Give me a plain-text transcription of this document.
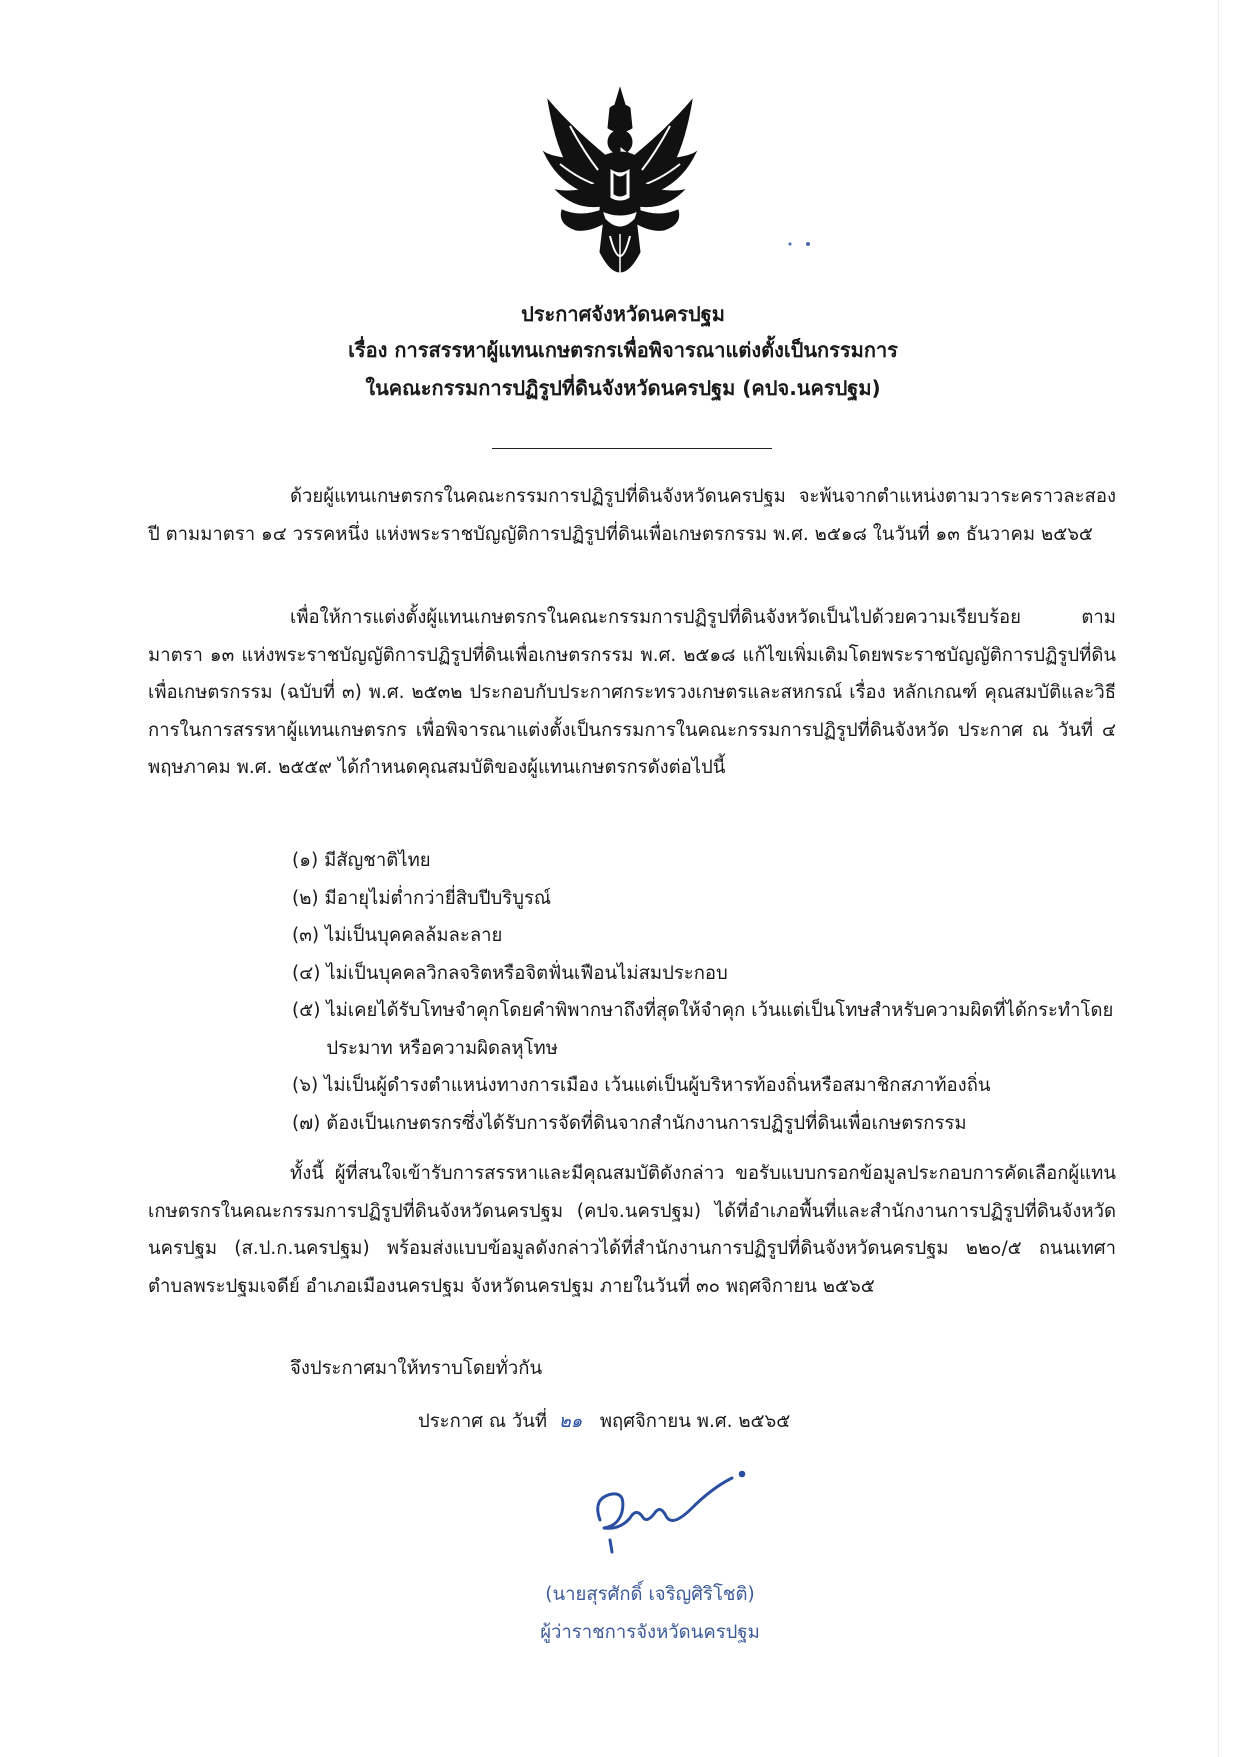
ประกาศจังหวัดนครปฐม
เรื่อง การสรรหาผู้แทนเกษตรกรเพื่อพิจารณาแต่งตั้งเป็นกรรมการ
ในคณะกรรมการปฏิรูปที่ดินจังหวัดนครปฐม (คปจ.นครปฐม)
ด้วยผู้แทนเกษตรกรในคณะกรรมการปฏิรูปที่ดินจังหวัดนครปฐม จะพ้นจากตำแหน่งตามวาระคราวละสองปี ตามมาตรา ๑๔ วรรคหนึ่ง แห่งพระราชบัญญัติการปฏิรูปที่ดินเพื่อเกษตรกรรม พ.ศ. ๒๕๑๘ ในวันที่ ๑๓ ธันวาคม ๒๕๖๕
เพื่อให้การแต่งตั้งผู้แทนเกษตรกรในคณะกรรมการปฏิรูปที่ดินจังหวัดเป็นไปด้วยความเรียบร้อย ตามมาตรา ๑๓ แห่งพระราชบัญญัติการปฏิรูปที่ดินเพื่อเกษตรกรรม พ.ศ. ๒๕๑๘ แก้ไขเพิ่มเติมโดยพระราชบัญญัติการปฏิรูปที่ดินเพื่อเกษตรกรรม (ฉบับที่ ๓) พ.ศ. ๒๕๓๒ ประกอบกับประกาศกระทรวงเกษตรและสหกรณ์ เรื่อง หลักเกณฑ์ คุณสมบัติและวิธีการในการสรรหาผู้แทนเกษตรกร เพื่อพิจารณาแต่งตั้งเป็นกรรมการในคณะกรรมการปฏิรูปที่ดินจังหวัด ประกาศ ณ วันที่ ๔ พฤษภาคม พ.ศ. ๒๕๕๙ ได้กำหนดคุณสมบัติของผู้แทนเกษตรกรดังต่อไปนี้
(๑) มีสัญชาติไทย
(๒) มีอายุไม่ต่ำกว่ายี่สิบปีบริบูรณ์
(๓) ไม่เป็นบุคคลล้มละลาย
(๔) ไม่เป็นบุคคลวิกลจริตหรือจิตฟั่นเฟือนไม่สมประกอบ
(๕) ไม่เคยได้รับโทษจำคุกโดยคำพิพากษาถึงที่สุดให้จำคุก เว้นแต่เป็นโทษสำหรับความผิดที่ได้กระทำโดยประมาท หรือความผิดลหุโทษ
(๖) ไม่เป็นผู้ดำรงตำแหน่งทางการเมือง เว้นแต่เป็นผู้บริหารท้องถิ่นหรือสมาชิกสภาท้องถิ่น
(๗) ต้องเป็นเกษตรกรซึ่งได้รับการจัดที่ดินจากสำนักงานการปฏิรูปที่ดินเพื่อเกษตรกรรม
ทั้งนี้ ผู้ที่สนใจเข้ารับการสรรหาและมีคุณสมบัติดังกล่าว ขอรับแบบกรอกข้อมูลประกอบการคัดเลือกผู้แทนเกษตรกรในคณะกรรมการปฏิรูปที่ดินจังหวัดนครปฐม (คปจ.นครปฐม) ได้ที่อำเภอพื้นที่และสำนักงานการปฏิรูปที่ดินจังหวัดนครปฐม (ส.ป.ก.นครปฐม) พร้อมส่งแบบข้อมูลดังกล่าวได้ที่สำนักงานการปฏิรูปที่ดินจังหวัดนครปฐม ๒๒๐/๕ ถนนเทศา ตำบลพระปฐมเจดีย์ อำเภอเมืองนครปฐม จังหวัดนครปฐม ภายในวันที่ ๓๐ พฤศจิกายน ๒๕๖๕
จึงประกาศมาให้ทราบโดยทั่วกัน
ประกาศ ณ วันที่ ๒๑ พฤศจิกายน พ.ศ. ๒๕๖๕
(นายสุรศักดิ์ เจริญศิริโชติ)
ผู้ว่าราชการจังหวัดนครปฐม
